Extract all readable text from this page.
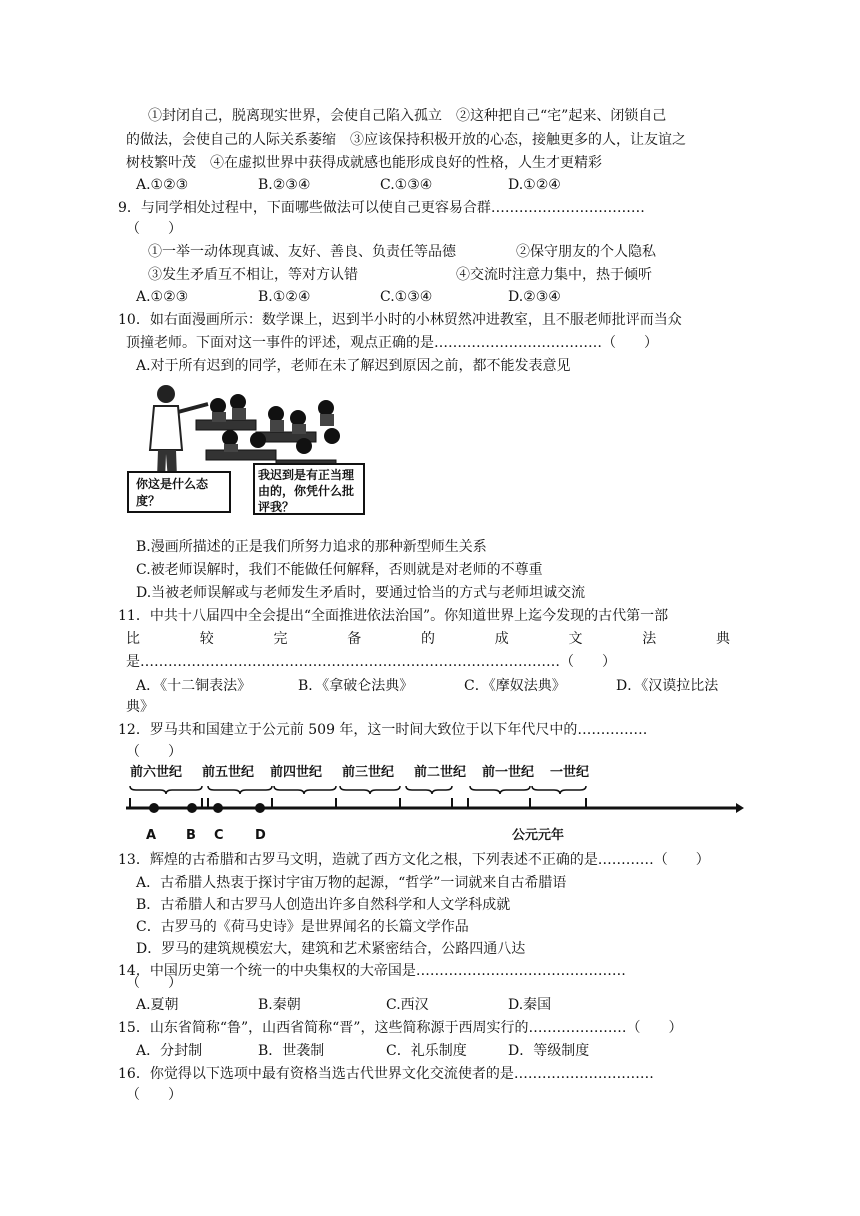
①封闭自己，脱离现实世界，会使自己陷入孤立　②这种把自己“宅”起来、闭锁自己
的做法，会使自己的人际关系萎缩　③应该保持积极开放的心态，接触更多的人，让友谊之
树枝繁叶茂　④在虚拟世界中获得成就感也能形成良好的性格，人生才更精彩
A.①②③	B.②③④	C.①③④	D.①②④
9．与同学相处过程中，下面哪些做法可以使自己更容易合群……………………………
（　　）
①一举一动体现真诚、友好、善良、负责任等品德	②保守朋友的个人隐私
③发生矛盾互不相让，等对方认错	④交流时注意力集中，热于倾听
A.①②③	B.①②④	C.①③④	D.②③④
10．如右面漫画所示：数学课上，迟到半小时的小林贸然冲进教室，且不服老师批评而当众
顶撞老师。下面对这一事件的评述，观点正确的是………………………………（　　）
A.对于所有迟到的同学，老师在未了解迟到原因之前，都不能发表意见
你这是什么态度？
我迟到是有正当理由的，你凭什么批评我？
B.漫画所描述的正是我们所努力追求的那种新型师生关系
C.被老师误解时，我们不能做任何解释，否则就是对老师的不尊重
D.当被老师误解或与老师发生矛盾时，要通过恰当的方式与老师坦诚交流
11．中共十八届四中全会提出“全面推进依法治国”。你知道世界上迄今发现的古代第一部
比	较	完	备	的	成	文	法	典
是………………………………………………………………………………（　　）
A．《十二铜表法》	B．《拿破仑法典》	C．《摩奴法典》	D．《汉谟拉比法
典》
12．罗马共和国建立于公元前 509 年，这一时间大致位于以下年代尺中的……………
（　　）
前六世纪 前五世纪 前四世纪 前三世纪 前二世纪 前一世纪 一世纪
A B C D	公元元年
13．辉煌的古希腊和古罗马文明，造就了西方文化之根，下列表述不正确的是…………（　　）
A．古希腊人热衷于探讨宇宙万物的起源，“哲学”一词就来自古希腊语
B．古希腊人和古罗马人创造出许多自然科学和人文学科成就
C．古罗马的《荷马史诗》是世界闻名的长篇文学作品
D．罗马的建筑规模宏大，建筑和艺术紧密结合，公路四通八达
14．中国历史第一个统一的中央集权的大帝国是………………………………………
（　　）
A.夏朝	B.秦朝	C.西汉	D.秦国
15．山东省简称“鲁”，山西省简称“晋”，这些简称源于西周实行的…………………（　　）
A．分封制	B．世袭制	C．礼乐制度	D．等级制度
16．你觉得以下选项中最有资格当选古代世界文化交流使者的是…………………………
（　　）
